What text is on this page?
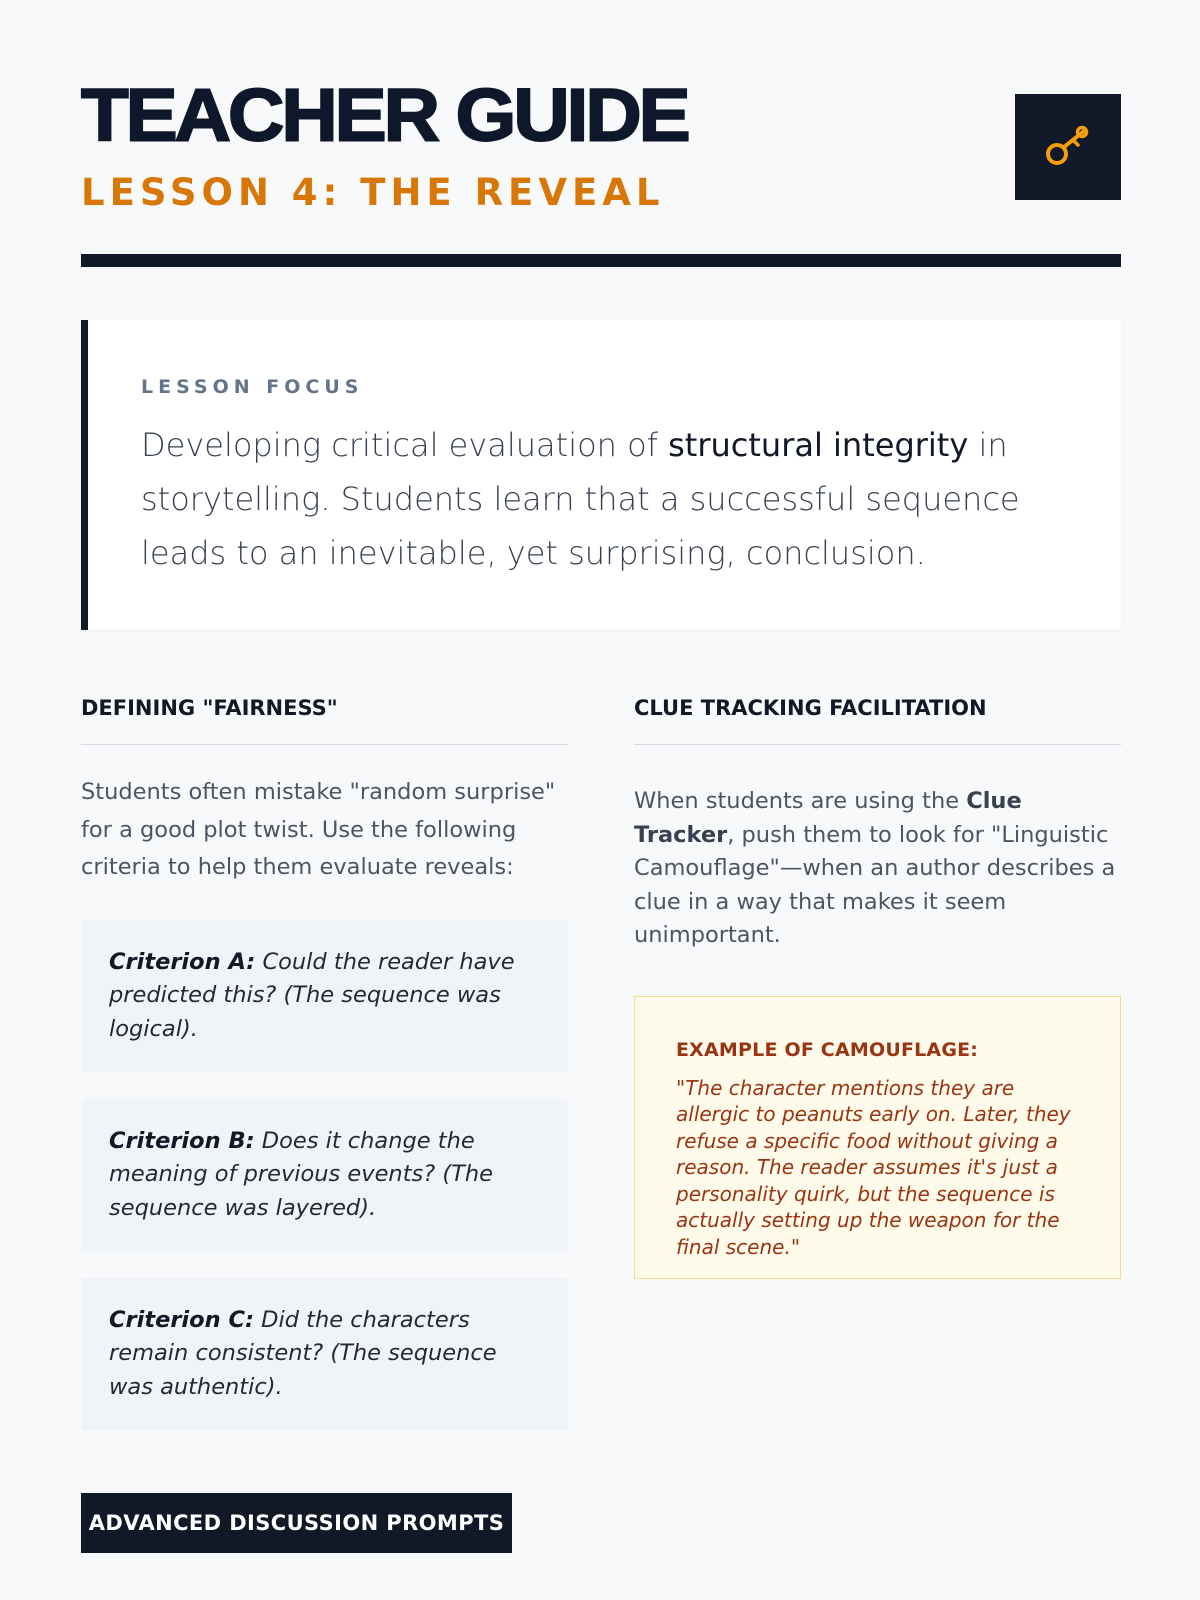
TEACHER GUIDE
LESSON 4: THE REVEAL
LESSON FOCUS
Developing critical evaluation of structural integrity in storytelling. Students learn that a successful sequence leads to an inevitable, yet surprising, conclusion.
DEFINING "FAIRNESS"
Students often mistake "random surprise" for a good plot twist. Use the following criteria to help them evaluate reveals:
Criterion A: Could the reader have predicted this? (The sequence was logical).
Criterion B: Does it change the meaning of previous events? (The sequence was layered).
Criterion C: Did the characters remain consistent? (The sequence was authentic).
CLUE TRACKING FACILITATION
When students are using the Clue Tracker, push them to look for "Linguistic Camouflage"—when an author describes a clue in a way that makes it seem unimportant.
EXAMPLE OF CAMOUFLAGE:
"The character mentions they are allergic to peanuts early on. Later, they refuse a specific food without giving a reason. The reader assumes it's just a personality quirk, but the sequence is actually setting up the weapon for the final scene."
ADVANCED DISCUSSION PROMPTS
